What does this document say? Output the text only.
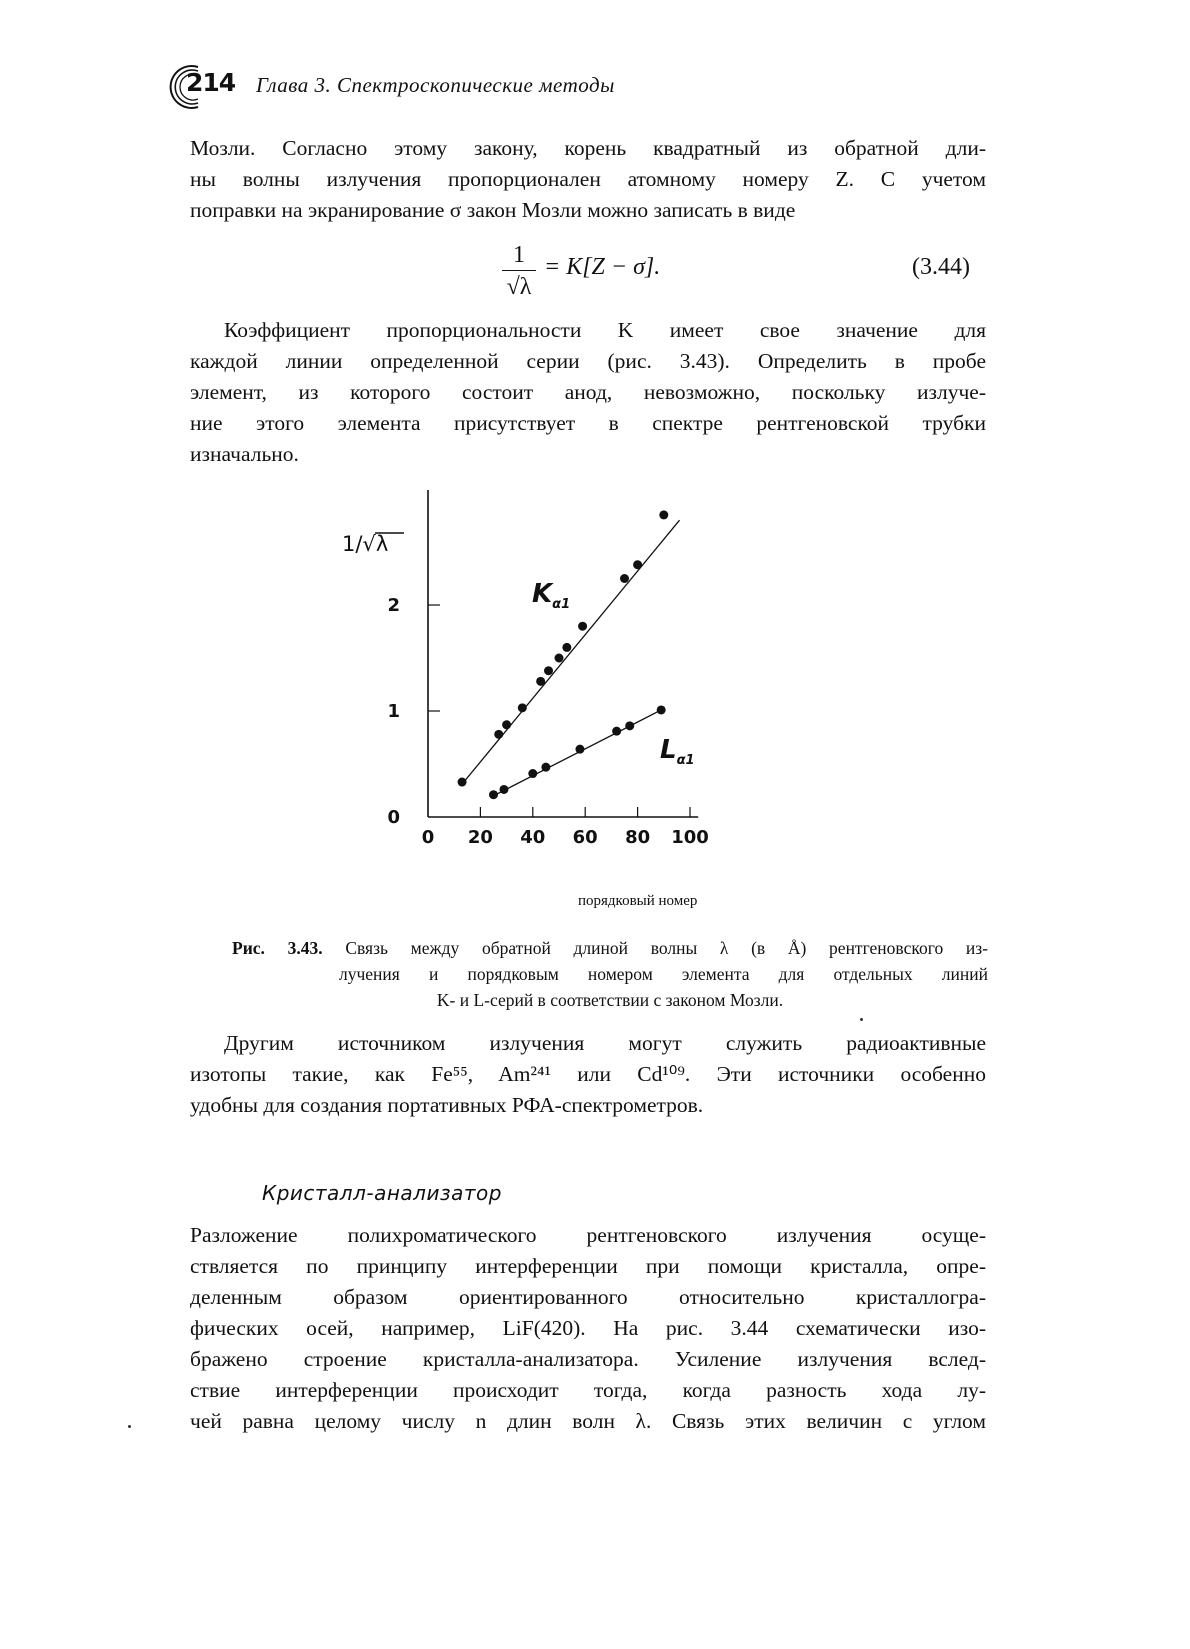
214 Глава 3. Спектроскопические методы

Мозли. Согласно этому закону, корень квадратный из обратной дли-
ны волны излучения пропорционален атомному номеру Z. С учетом
поправки на экранирование σ закон Мозли можно записать в виде

1
√λ
= K[Z − σ].	(3.44)

Коэффициент пропорциональности K имеет свое значение для
каждой линии определенной серии (рис. 3.43). Определить в пробе
элемент, из которого состоит анод, невозможно, поскольку излуче-
ние этого элемента присутствует в спектре рентгеновской трубки
изначально.

0 20 40 60 80 100
0
1
2
1/√λ
$K_{\alpha 1}$
$L_{\alpha 1}$
порядковый номер

Рис. 3.43. Связь между обратной длиной волны λ (в Å) рентгеновского из-
лучения и порядковым номером элемента для отдельных линий
K- и L-серий в соответствии с законом Мозли.

Другим источником излучения могут служить радиоактивные
изотопы такие, как Fe⁵⁵, Am²⁴¹ или Cd¹⁰⁹. Эти источники особенно
удобны для создания портативных РФА-спектрометров.

Кристалл-анализатор

Разложение полихроматического рентгеновского излучения осуще-
ствляется по принципу интерференции при помощи кристалла, опре-
деленным образом ориентированного относительно кристаллогра-
фических осей, например, LiF(420). На рис. 3.44 схематически изо-
бражено строение кристалла-анализатора. Усиление излучения вслед-
ствие интерференции происходит тогда, когда разность хода лу-
чей равна целому числу n длин волн λ. Связь этих величин с углом
